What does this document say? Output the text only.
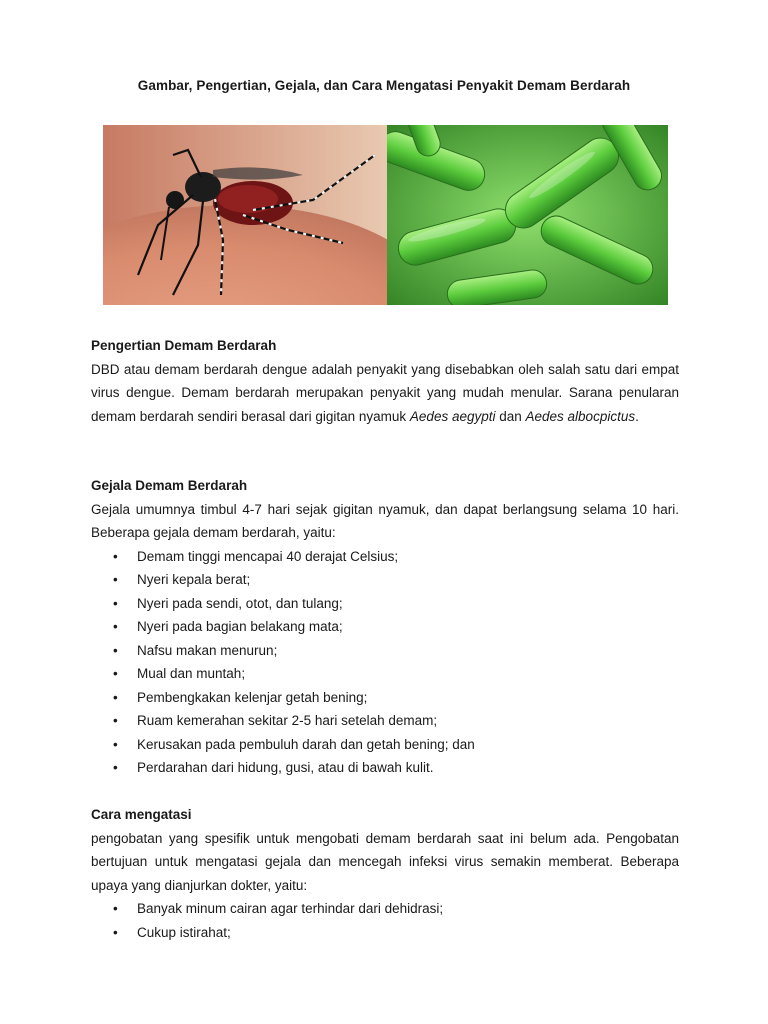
Gambar, Pengertian, Gejala, dan Cara Mengatasi Penyakit Demam Berdarah
Pengertian Demam Berdarah
DBD atau demam berdarah dengue adalah penyakit yang disebabkan oleh salah satu dari empat virus dengue. Demam berdarah merupakan penyakit yang mudah menular. Sarana penularan demam berdarah sendiri berasal dari gigitan nyamuk Aedes aegypti dan Aedes albocpictus.
Gejala Demam Berdarah
Gejala umumnya timbul 4-7 hari sejak gigitan nyamuk, dan dapat berlangsung selama 10 hari. Beberapa gejala demam berdarah, yaitu:
• Demam tinggi mencapai 40 derajat Celsius;
• Nyeri kepala berat;
• Nyeri pada sendi, otot, dan tulang;
• Nyeri pada bagian belakang mata;
• Nafsu makan menurun;
• Mual dan muntah;
• Pembengkakan kelenjar getah bening;
• Ruam kemerahan sekitar 2-5 hari setelah demam;
• Kerusakan pada pembuluh darah dan getah bening; dan
• Perdarahan dari hidung, gusi, atau di bawah kulit.
Cara mengatasi
pengobatan yang spesifik untuk mengobati demam berdarah saat ini belum ada. Pengobatan bertujuan untuk mengatasi gejala dan mencegah infeksi virus semakin memberat. Beberapa upaya yang dianjurkan dokter, yaitu:
• Banyak minum cairan agar terhindar dari dehidrasi;
• Cukup istirahat;
